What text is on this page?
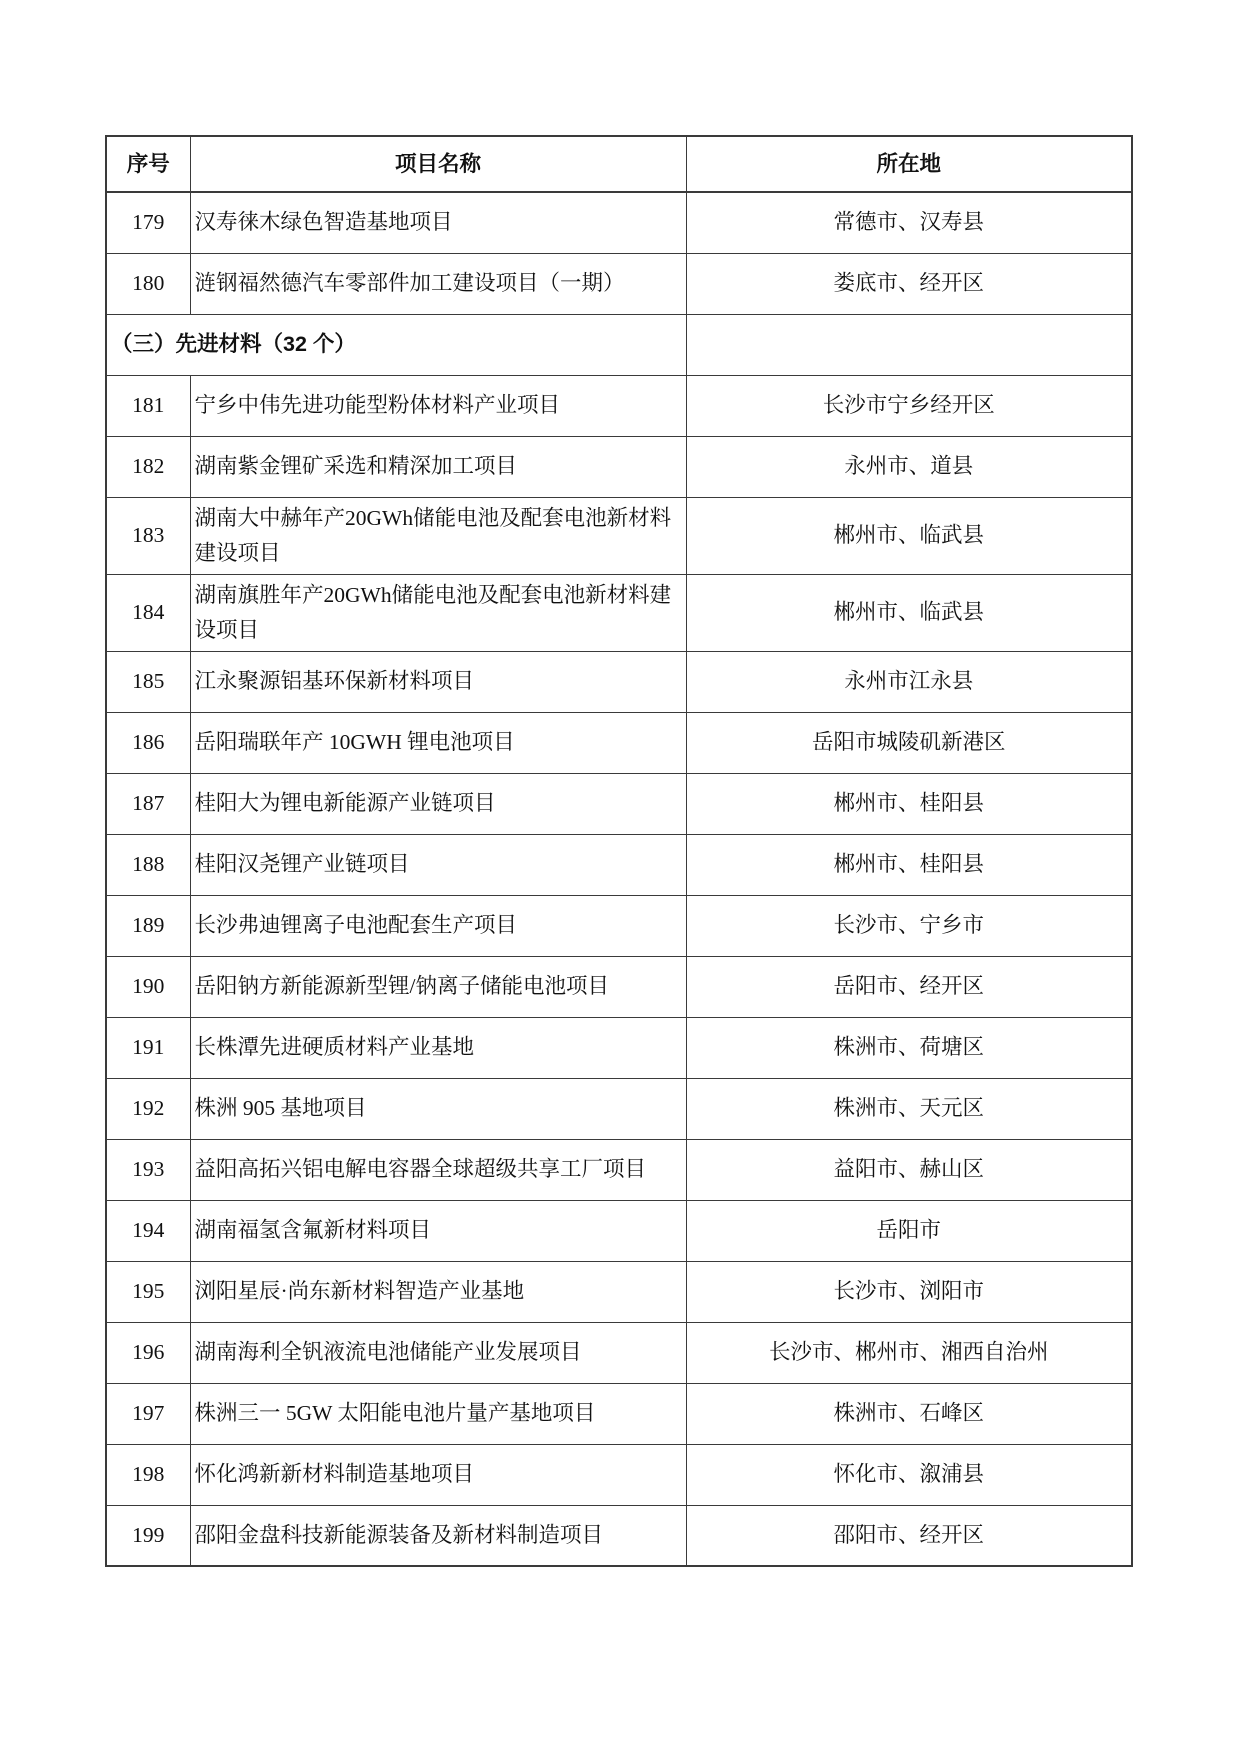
序号	项目名称	所在地
179	汉寿徕木绿色智造基地项目	常德市、汉寿县
180	涟钢福然德汽车零部件加工建设项目（一期）	娄底市、经开区
（三）先进材料（32 个）		
181	宁乡中伟先进功能型粉体材料产业项目	长沙市宁乡经开区
182	湖南紫金锂矿采选和精深加工项目	永州市、道县
183	湖南大中赫年产20GWh储能电池及配套电池新材料建设项目	郴州市、临武县
184	湖南旗胜年产20GWh储能电池及配套电池新材料建设项目	郴州市、临武县
185	江永聚源铝基环保新材料项目	永州市江永县
186	岳阳瑞联年产 10GWH 锂电池项目	岳阳市城陵矶新港区
187	桂阳大为锂电新能源产业链项目	郴州市、桂阳县
188	桂阳汉尧锂产业链项目	郴州市、桂阳县
189	长沙弗迪锂离子电池配套生产项目	长沙市、宁乡市
190	岳阳钠方新能源新型锂/钠离子储能电池项目	岳阳市、经开区
191	长株潭先进硬质材料产业基地	株洲市、荷塘区
192	株洲 905 基地项目	株洲市、天元区
193	益阳高拓兴铝电解电容器全球超级共享工厂项目	益阳市、赫山区
194	湖南福氢含氟新材料项目	岳阳市
195	浏阳星辰·尚东新材料智造产业基地	长沙市、浏阳市
196	湖南海利全钒液流电池储能产业发展项目	长沙市、郴州市、湘西自治州
197	株洲三一 5GW 太阳能电池片量产基地项目	株洲市、石峰区
198	怀化鸿新新材料制造基地项目	怀化市、溆浦县
199	邵阳金盘科技新能源装备及新材料制造项目	邵阳市、经开区
